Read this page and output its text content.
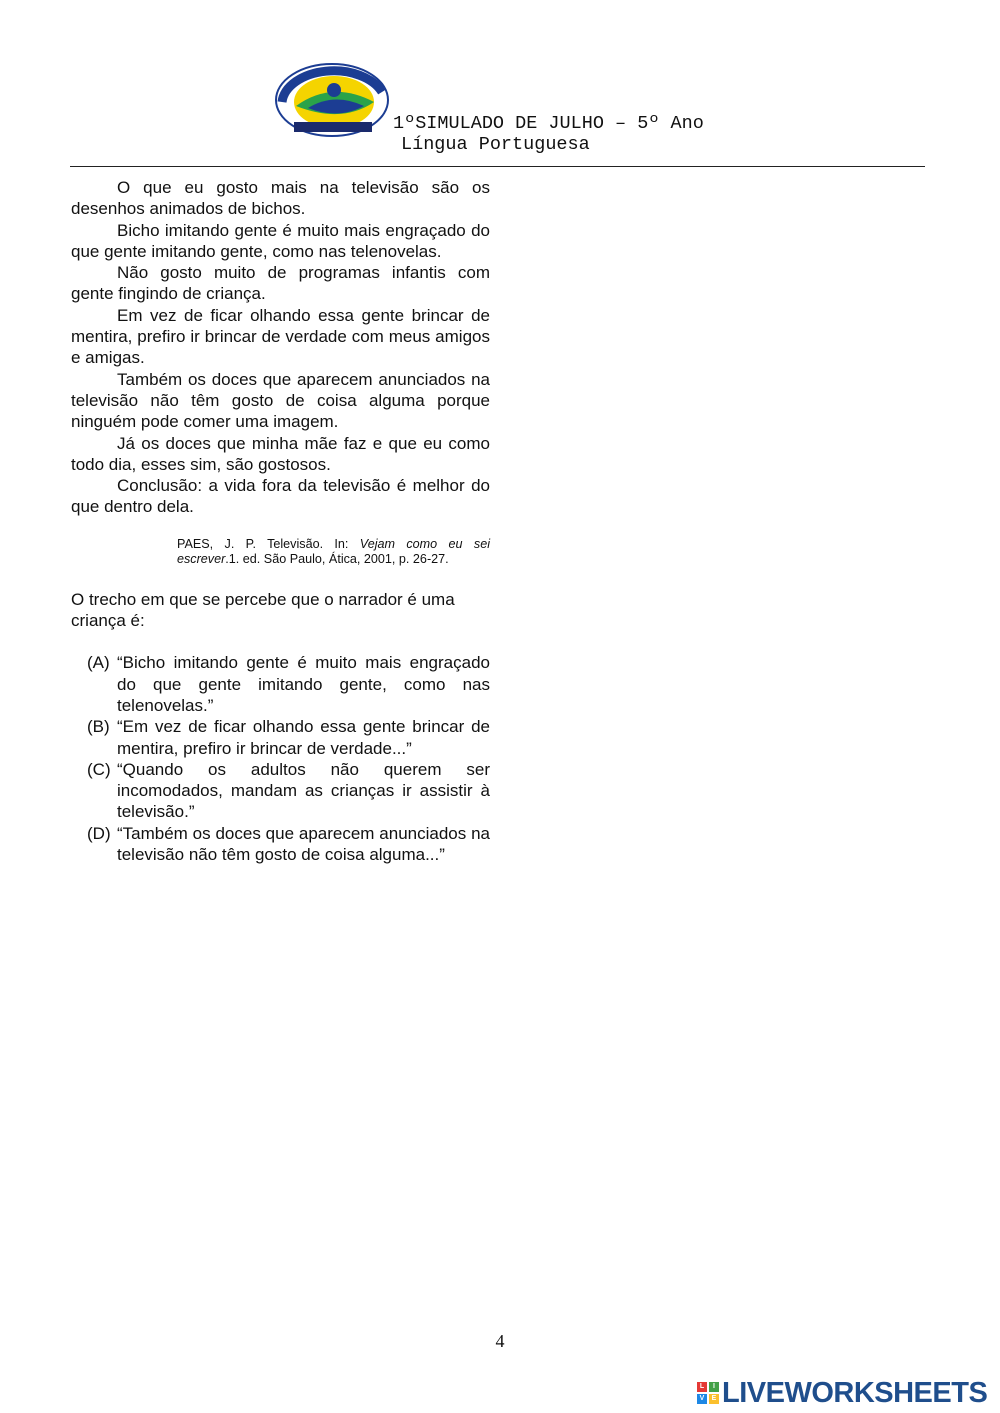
1ºSIMULADO DE JULHO – 5º Ano
Língua Portuguesa

O que eu gosto mais na televisão são os desenhos animados de bichos.

Bicho imitando gente é muito mais engraçado do que gente imitando gente, como nas telenovelas.

Não gosto muito de programas infantis com gente fingindo de criança.

Em vez de ficar olhando essa gente brincar de mentira, prefiro ir brincar de verdade com meus amigos e amigas.

Também os doces que aparecem anunciados na televisão não têm gosto de coisa alguma porque ninguém pode comer uma imagem.

Já os doces que minha mãe faz e que eu como todo dia, esses sim, são gostosos.

Conclusão: a vida fora da televisão é melhor do que dentro dela.

PAES, J. P. Televisão. In: Vejam como eu sei escrever.1. ed. São Paulo, Ática, 2001, p. 26-27.

O trecho em que se percebe que o narrador é uma criança é:

(A) “Bicho imitando gente é muito mais engraçado do que gente imitando gente, como nas telenovelas.”
(B) “Em vez de ficar olhando essa gente brincar de mentira, prefiro ir brincar de verdade...”
(C) “Quando os adultos não querem ser incomodados, mandam as crianças ir assistir à televisão.”
(D) “Também os doces que aparecem anunciados na televisão não têm gosto de coisa alguma...”
4
L	I
V	E LIVEWORKSHEETS
